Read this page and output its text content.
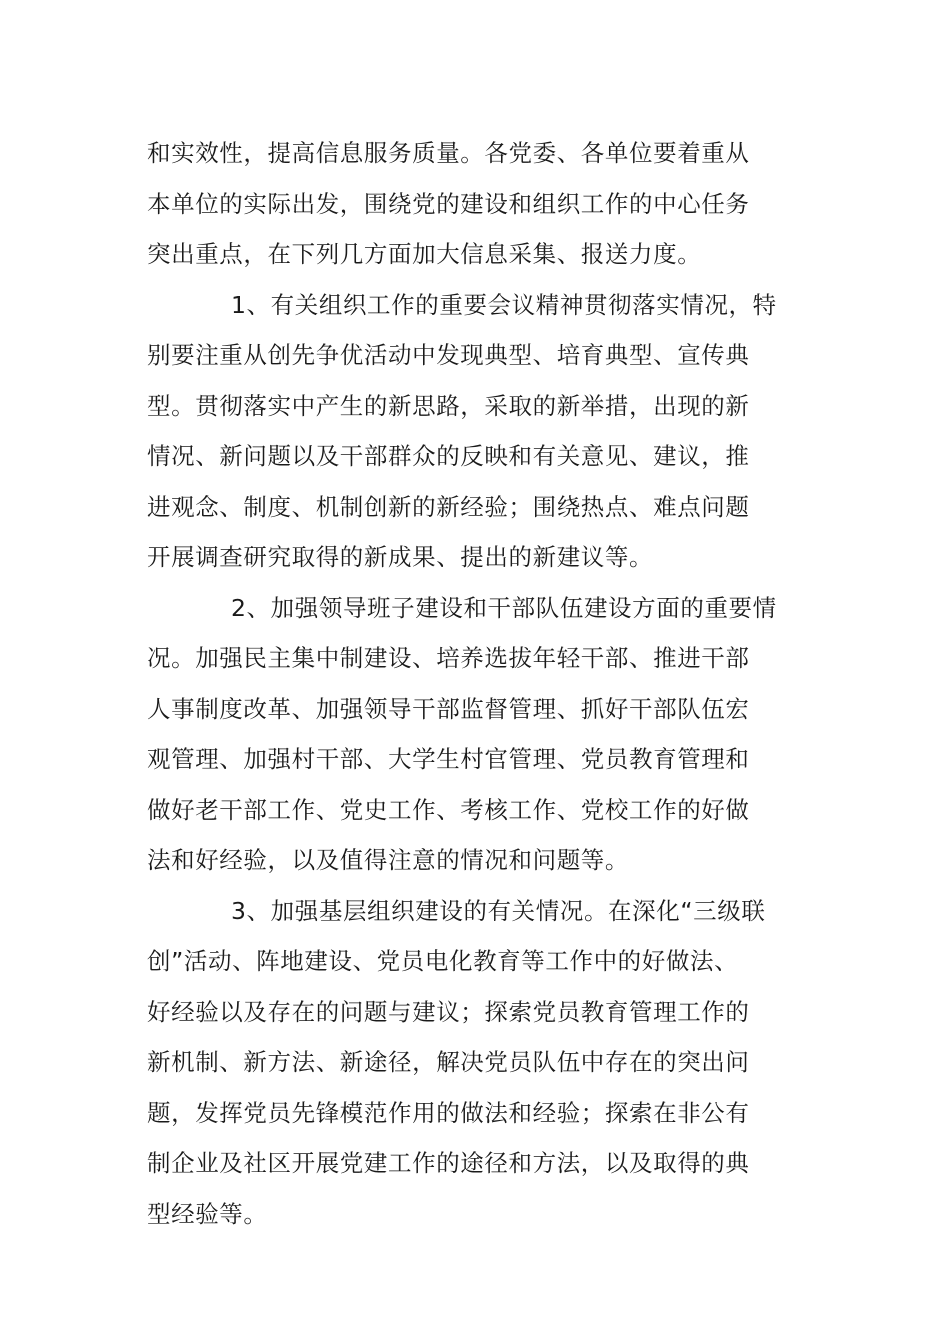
和实效性，提高信息服务质量。各党委、各单位要着重从
本单位的实际出发，围绕党的建设和组织工作的中心任务
突出重点，在下列几方面加大信息采集、报送力度。
1、有关组织工作的重要会议精神贯彻落实情况，特
别要注重从创先争优活动中发现典型、培育典型、宣传典
型。贯彻落实中产生的新思路，采取的新举措，出现的新
情况、新问题以及干部群众的反映和有关意见、建议，推
进观念、制度、机制创新的新经验；围绕热点、难点问题
开展调查研究取得的新成果、提出的新建议等。
2、加强领导班子建设和干部队伍建设方面的重要情
况。加强民主集中制建设、培养选拔年轻干部、推进干部
人事制度改革、加强领导干部监督管理、抓好干部队伍宏
观管理、加强村干部、大学生村官管理、党员教育管理和
做好老干部工作、党史工作、考核工作、党校工作的好做
法和好经验，以及值得注意的情况和问题等。
3、加强基层组织建设的有关情况。在深化“三级联
创”活动、阵地建设、党员电化教育等工作中的好做法、
好经验以及存在的问题与建议；探索党员教育管理工作的
新机制、新方法、新途径，解决党员队伍中存在的突出问
题，发挥党员先锋模范作用的做法和经验；探索在非公有
制企业及社区开展党建工作的途径和方法，以及取得的典
型经验等。
